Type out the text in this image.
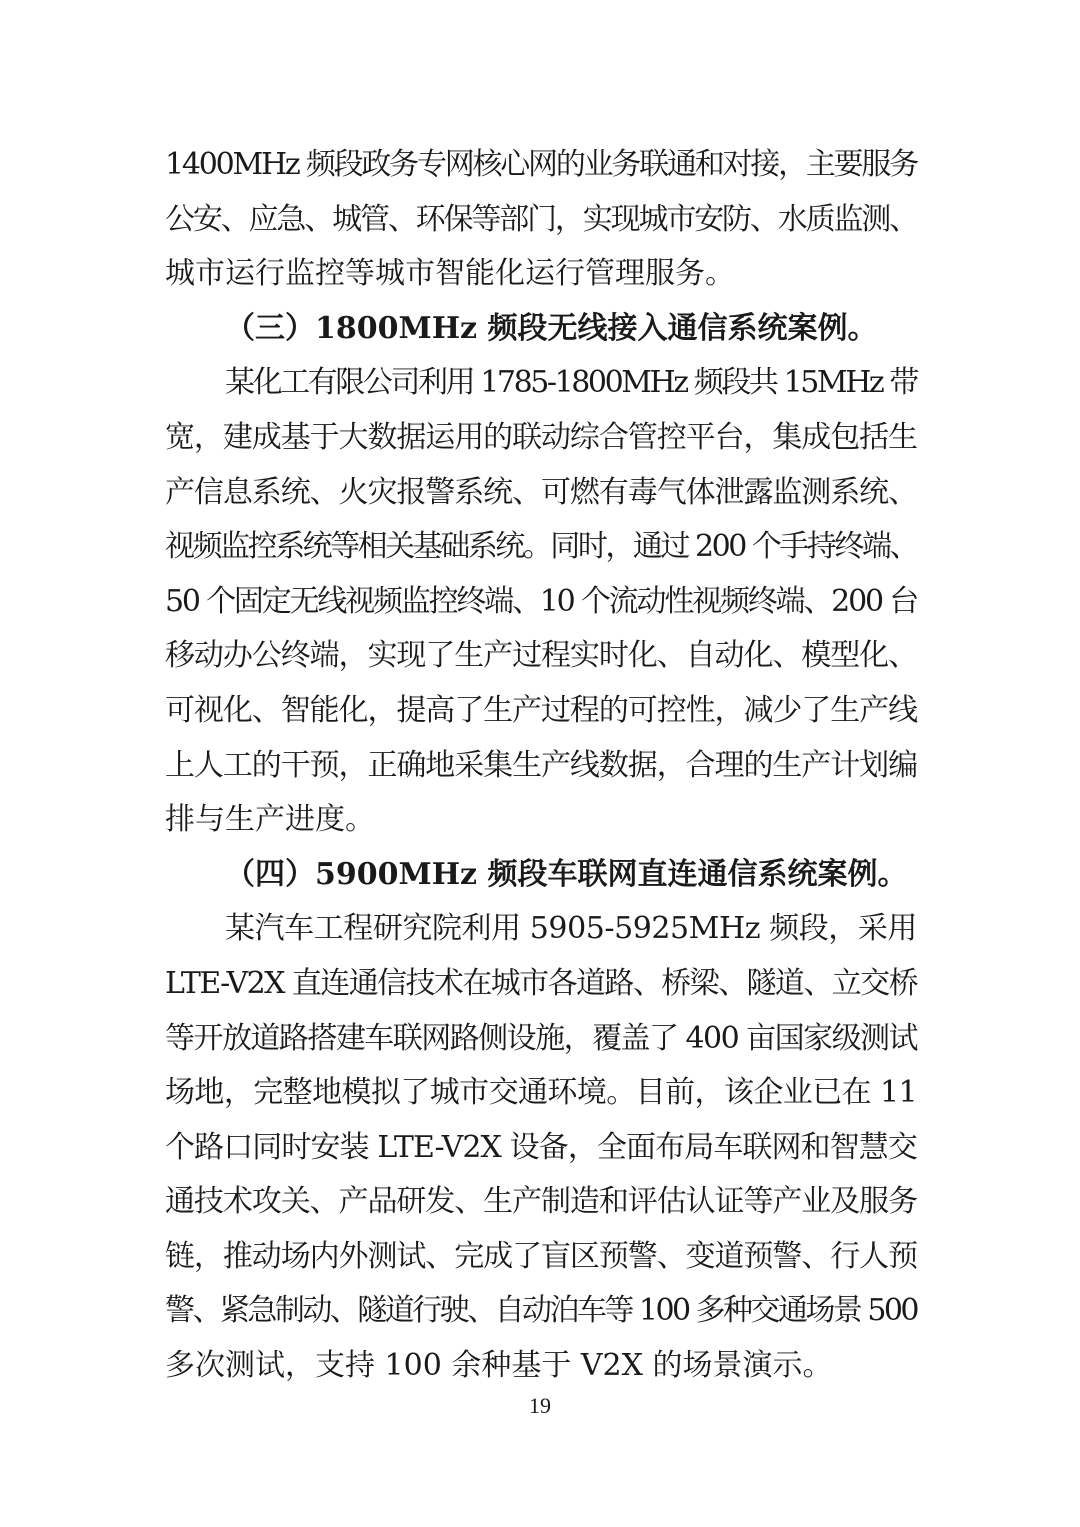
1400MHz 频段政务专网核心网的业务联通和对接，主要服务
公安、应急、城管、环保等部门，实现城市安防、水质监测、
城市运行监控等城市智能化运行管理服务。
（三）1800MHz 频段无线接入通信系统案例。
某化工有限公司利用 1785-1800MHz 频段共 15MHz 带
宽，建成基于大数据运用的联动综合管控平台，集成包括生
产信息系统、火灾报警系统、可燃有毒气体泄露监测系统、
视频监控系统等相关基础系统。同时，通过 200 个手持终端、
50 个固定无线视频监控终端、10 个流动性视频终端、200 台
移动办公终端，实现了生产过程实时化、自动化、模型化、
可视化、智能化，提高了生产过程的可控性，减少了生产线
上人工的干预，正确地采集生产线数据，合理的生产计划编
排与生产进度。
（四）5900MHz 频段车联网直连通信系统案例。
某汽车工程研究院利用 5905-5925MHz 频段，采用
LTE-V2X 直连通信技术在城市各道路、桥梁、隧道、立交桥
等开放道路搭建车联网路侧设施，覆盖了 400 亩国家级测试
场地，完整地模拟了城市交通环境。目前，该企业已在 11
个路口同时安装 LTE-V2X 设备，全面布局车联网和智慧交
通技术攻关、产品研发、生产制造和评估认证等产业及服务
链，推动场内外测试、完成了盲区预警、变道预警、行人预
警、紧急制动、隧道行驶、自动泊车等 100 多种交通场景 500
多次测试，支持 100 余种基于 V2X 的场景演示。
19
